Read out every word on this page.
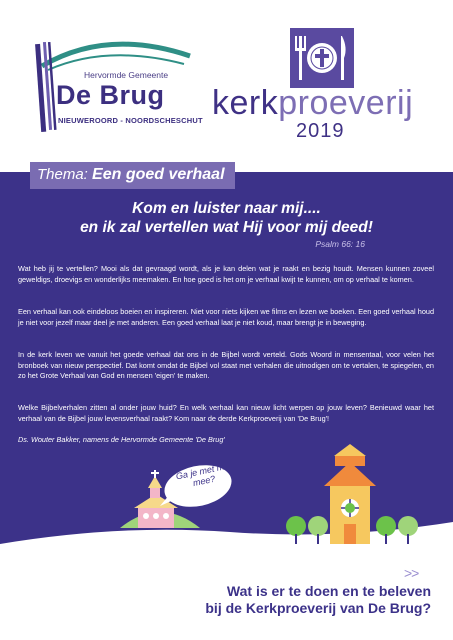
Hervormde Gemeente
De Brug
NIEUWEROORD - NOORDSCHESCHUT kerkproeverij
2019
Thema: Een goed verhaal
Kom en luister naar mij....
en ik zal vertellen wat Hij voor mij deed!
Psalm 66: 16
Wat heb jij te vertellen? Mooi als dat gevraagd wordt, als je kan delen wat je raakt en bezig houdt. Mensen kunnen zoveel geweldigs, droevigs en wonderlijks meemaken. En hoe goed is het om je verhaal kwijt te kunnen, om op verhaal te komen.
Een verhaal kan ook eindeloos boeien en inspireren. Niet voor niets kijken we films en lezen we boeken. Een goed verhaal houd je niet voor jezelf maar deel je met anderen. Een goed verhaal laat je niet koud, maar brengt je in beweging.
In de kerk leven we vanuit het goede verhaal dat ons in de Bijbel wordt verteld. Gods Woord in mensentaal, voor velen het bronboek van nieuw perspectief. Dat komt omdat de Bijbel vol staat met verhalen die uitnodigen om te vertalen, te spiegelen, en zo het Grote Verhaal van God en mensen 'eigen' te maken.
Welke Bijbelverhalen zitten al onder jouw huid? En welk verhaal kan nieuw licht werpen op jouw leven? Benieuwd waar het verhaal van de Bijbel jouw levensverhaal raakt? Kom naar de derde Kerkproeverij van 'De Brug'!
Ds. Wouter Bakker, namens de Hervormde Gemeente 'De Brug'
Ga je met mij mee?
>>
Wat is er te doen en te beleven
bij de Kerkproeverij van De Brug?
